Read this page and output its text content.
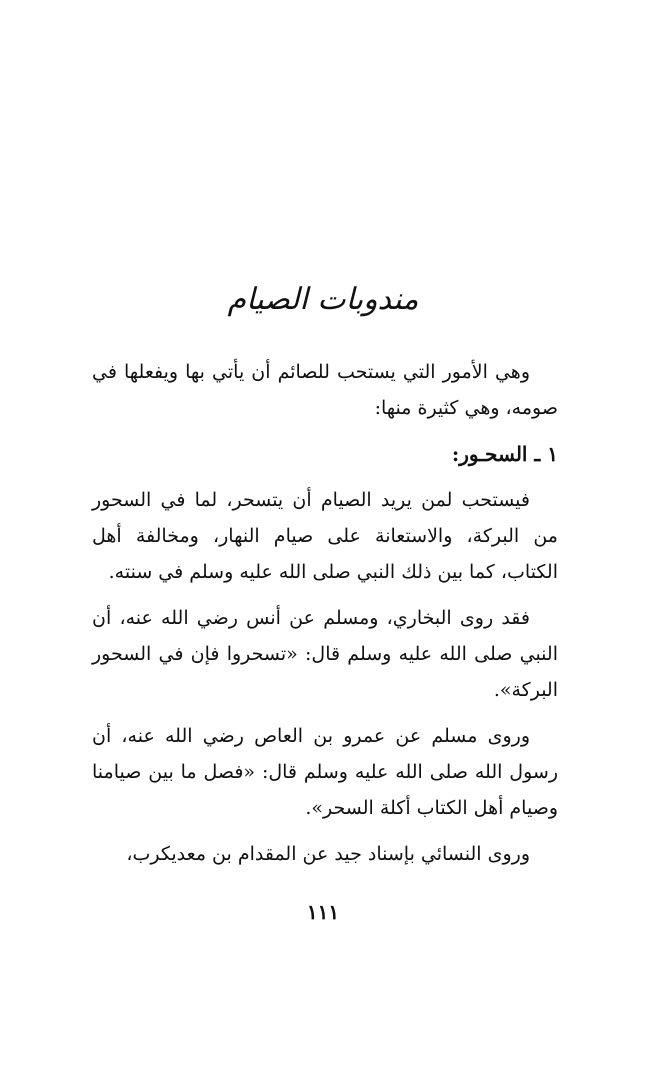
مندوبات الصيام

وهي الأمور التي يستحب للصائم أن يأتي بها ويفعلها في صومه، وهي كثيرة منها:

١ ـ السحـور:

فيستحب لمن يريد الصيام أن يتسحر، لما في السحور من البركة، والاستعانة على صيام النهار، ومخالفة أهل الكتاب، كما بين ذلك النبي صلى الله عليه وسلم في سنته.

فقد روى البخاري، ومسلم عن أنس رضي الله عنه، أن النبي صلى الله عليه وسلم قال: «تسحروا فإن في السحور البركة».

وروى مسلم عن عمرو بن العاص رضي الله عنه، أن رسول الله صلى الله عليه وسلم قال: «فصل ما بين صيامنا وصيام أهل الكتاب أكلة السحر».

وروى النسائي بإسناد جيد عن المقدام بن معديكرب،

١١١
